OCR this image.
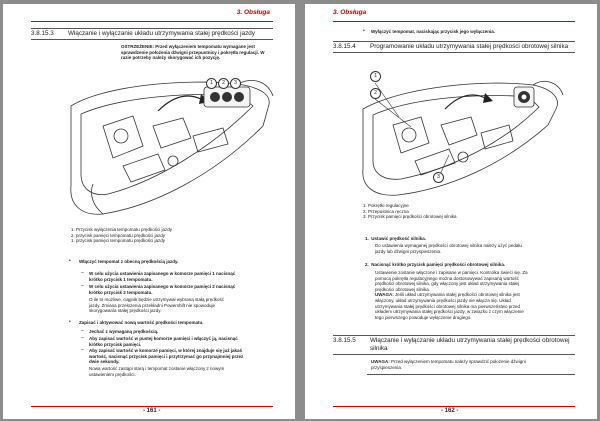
3. Obsługa
3.8.15.3 Włączanie i wyłączanie układu utrzymywania stałej prędkości jazdy
OSTRZEŻENIE: Przed wyłączeniem tempomatu wymagane jest
sprawdzenie położenia dźwigni przepustnicy i pokrętła regulacji. W
razie potrzeby należy skorygować ich pozycję.
1	2	3
1. Przycisk wyłączenia tempomatu prędkości jazdy
2. przycisk pamięci tempomatu prędkości jazdy
1. przycisk pamięci tempomatu prędkości jazdy
• Włączyć tempomat z obecną prędkością jazdy.
– W celu użycia ustawienia zapisanego w komorze pamięci 1 nacisnąć
krótko przycisk 1 tempomatu.
– W celu użycia ustawienia zapisanego w komorze pamięci 2 nacisnąć
krótko przycisk 2 tempomatu.
O ile to możliwe, ciągnik będzie utrzymywał wybraną stałą prędkość
jazdy. Zmiana przełożenia przekładni Powershift nie spowoduje
skorygowania stałej prędkości jazdy.
• Zapisać i aktywować nową wartość prędkości tempomatu.
– Jechać z wymaganą prędkością.
– Aby zapisać wartość w pustej komorze pamięci i włączyć ją, nacisnąć
krótko przycisk pamięci.
– Aby zapisać wartość w komorze pamięci, w której znajduje się już jakaś
wartość, nacisnąć przycisk pamięci i przytrzymać go przynajmniej przez
dwie sekundy.
Nowa wartość zastąpi starą i tempomat zostanie włączony z nowym
ustawieniem prędkości.
- 161 -
3. Obsługa
• Wyłączyć tempomat, naciskając przycisk jego wyłączenia.
3.8.15.4 Programowanie układu utrzymywania stałej prędkości obrotowej silnika
1
2
3
1. Pokrętło regulacyjne
2. Przepustnica ręczna
3. Przycisk pamięci prędkości obrotowej silnika
1.  Ustawić prędkość silnika.
Do ustawienia wymaganej prędkości obrotowej silnika należy użyć pedału
jazdy lub dźwigni przyspieszenia.
2.  Nacisnąć krótko przycisk pamięci prędkości obrotowej silnika.
Ustawienie zostanie włączone i zapisane w pamięci. Kontrolka świeci się. Za
pomocą pokrętła regulacyjnego można dostosowywać zapisaną wartość
prędkości obrotowej silnika, gdy włączony jest układ utrzymywania stałej
prędkości obrotowej silnika.
UWAGA: Jeśli układ utrzymywania stałej prędkości obrotowej silnika jest
włączony, układ utrzymywania prędkości jazdy nie włącza się. Układ
utrzymywania stałej prędkości obrotowej silnika ma pierwszeństwo przed
układem utrzymywania stałej prędkości jazdy, w związku z czym włączenie
tego pierwszego powoduje wyłączenie drugiego.
3.8.15.5 Włączanie i wyłączanie układu utrzymywania stałej prędkości obrotowej silnika
UWAGA: Przed wyłączeniem tempomatu należy sprawdzić położenie dźwigni
przyspieszenia.
- 162 -
